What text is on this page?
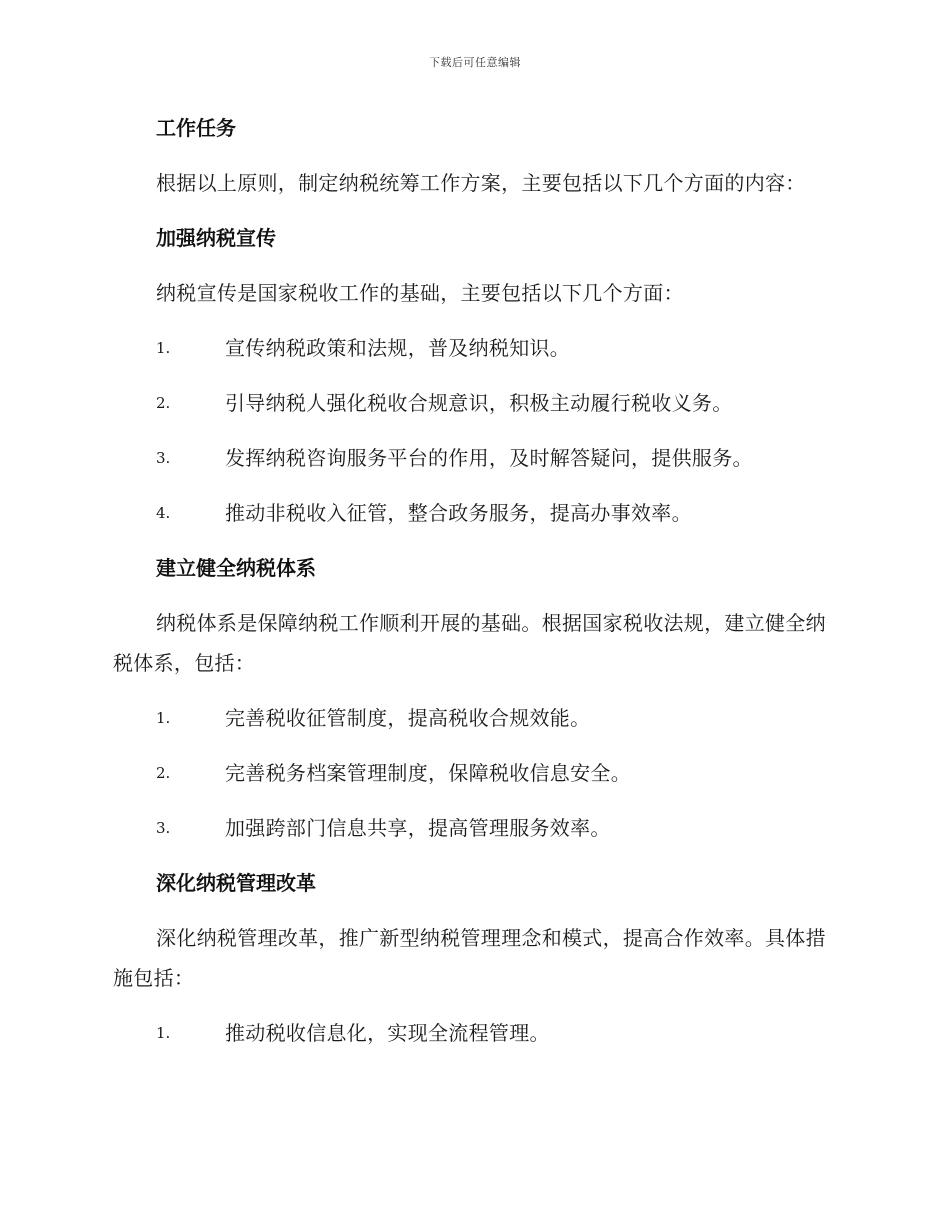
下载后可任意编辑
工作任务
根据以上原则，制定纳税统筹工作方案，主要包括以下几个方面的内容：
加强纳税宣传
纳税宣传是国家税收工作的基础，主要包括以下几个方面：
1.	宣传纳税政策和法规，普及纳税知识。
2.	引导纳税人强化税收合规意识，积极主动履行税收义务。
3.	发挥纳税咨询服务平台的作用，及时解答疑问，提供服务。
4.	推动非税收入征管，整合政务服务，提高办事效率。
建立健全纳税体系
纳税体系是保障纳税工作顺利开展的基础。根据国家税收法规，建立健全纳税体系，包括：
1.	完善税收征管制度，提高税收合规效能。
2.	完善税务档案管理制度，保障税收信息安全。
3.	加强跨部门信息共享，提高管理服务效率。
深化纳税管理改革
深化纳税管理改革，推广新型纳税管理理念和模式，提高合作效率。具体措施包括：
1.	推动税收信息化，实现全流程管理。
